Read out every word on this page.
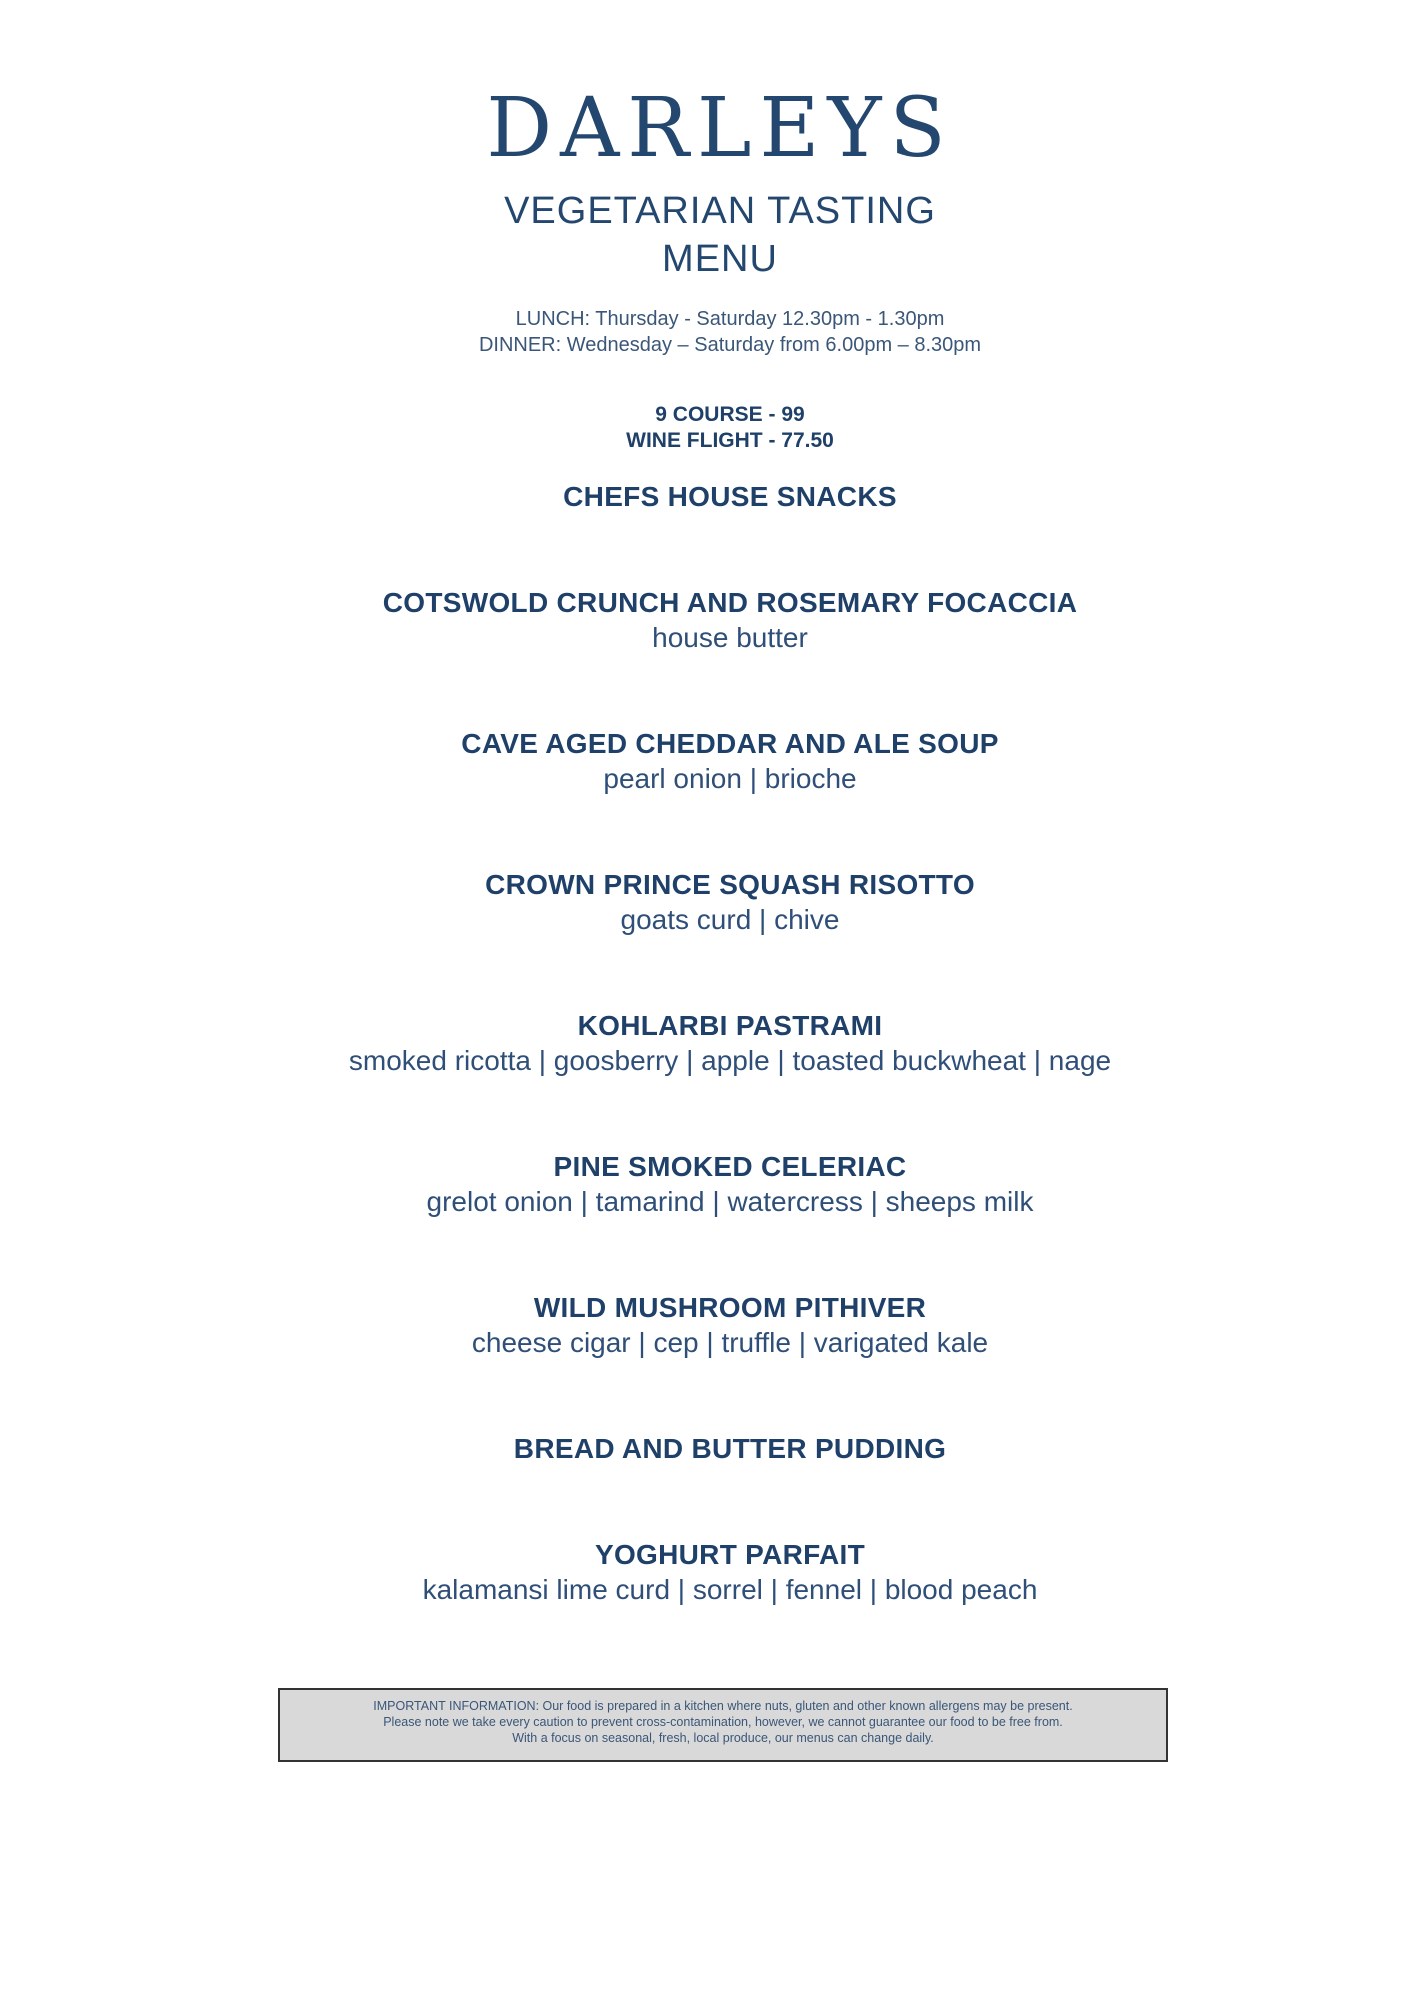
DARLEYS
VEGETARIAN TASTING
MENU
LUNCH: Thursday - Saturday 12.30pm - 1.30pm
DINNER: Wednesday – Saturday from 6.00pm – 8.30pm
9 COURSE - 99
WINE FLIGHT - 77.50
CHEFS HOUSE SNACKS
COTSWOLD CRUNCH AND ROSEMARY FOCACCIA
house butter
CAVE AGED CHEDDAR AND ALE SOUP
pearl onion | brioche
CROWN PRINCE SQUASH RISOTTO
goats curd | chive
KOHLARBI PASTRAMI
smoked ricotta | goosberry | apple | toasted buckwheat | nage
PINE SMOKED CELERIAC
grelot onion | tamarind | watercress | sheeps milk
WILD MUSHROOM PITHIVER
cheese cigar | cep | truffle | varigated kale
BREAD AND BUTTER PUDDING
YOGHURT PARFAIT
kalamansi lime curd | sorrel | fennel | blood peach
IMPORTANT INFORMATION: Our food is prepared in a kitchen where nuts, gluten and other known allergens may be present.
Please note we take every caution to prevent cross-contamination, however, we cannot guarantee our food to be free from.
With a focus on seasonal, fresh, local produce, our menus can change daily.
